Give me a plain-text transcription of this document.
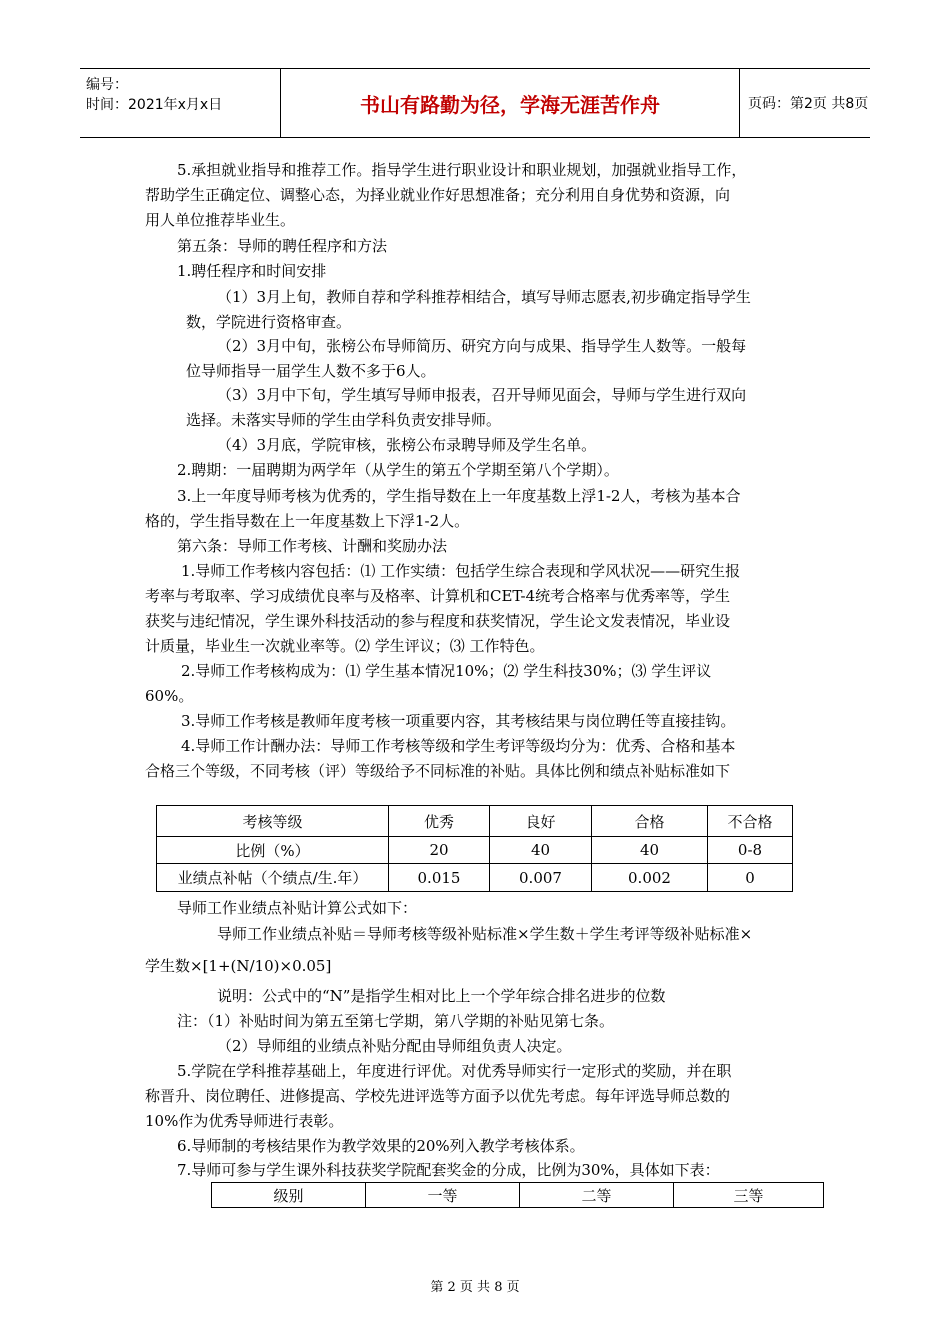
编号：
时间：2021年x月x日	书山有路勤为径，学海无涯苦作舟	页码：第2页 共8页
5.承担就业指导和推荐工作。指导学生进行职业设计和职业规划，加强就业指导工作，
帮助学生正确定位、调整心态，为择业就业作好思想准备；充分利用自身优势和资源，向
用人单位推荐毕业生。
第五条：导师的聘任程序和方法
1.聘任程序和时间安排
（1）3月上旬，教师自荐和学科推荐相结合，填写导师志愿表,初步确定指导学生
数，学院进行资格审查。
（2）3月中旬，张榜公布导师简历、研究方向与成果、指导学生人数等。一般每
位导师指导一届学生人数不多于6人。
（3）3月中下旬，学生填写导师申报表，召开导师见面会，导师与学生进行双向
选择。未落实导师的学生由学科负责安排导师。
（4）3月底，学院审核，张榜公布录聘导师及学生名单。
2.聘期：一届聘期为两学年（从学生的第五个学期至第八个学期）。
3.上一年度导师考核为优秀的，学生指导数在上一年度基数上浮1-2人，考核为基本合
格的，学生指导数在上一年度基数上下浮1-2人。
第六条：导师工作考核、计酬和奖励办法
1.导师工作考核内容包括：⑴ 工作实绩：包括学生综合表现和学风状况——研究生报
考率与考取率、学习成绩优良率与及格率、计算机和CET-4统考合格率与优秀率等，学生
获奖与违纪情况，学生课外科技活动的参与程度和获奖情况，学生论文发表情况，毕业设
计质量，毕业生一次就业率等。⑵ 学生评议；⑶ 工作特色。
2.导师工作考核构成为：⑴ 学生基本情况10%；⑵ 学生科技30%；⑶ 学生评议
60%。
3.导师工作考核是教师年度考核一项重要内容，其考核结果与岗位聘任等直接挂钩。
4.导师工作计酬办法：导师工作考核等级和学生考评等级均分为：优秀、合格和基本
合格三个等级，不同考核（评）等级给予不同标准的补贴。具体比例和绩点补贴标准如下
考核等级	优秀	良好	合格	不合格
比例（%）	20	40	40	0-8
业绩点补帖（个绩点/生.年）	0.015	0.007	0.002	0
导师工作业绩点补贴计算公式如下：
导师工作业绩点补贴＝导师考核等级补贴标准×学生数＋学生考评等级补贴标准×
学生数×[1+(N/10)×0.05]
说明：公式中的“N”是指学生相对比上一个学年综合排名进步的位数
注：（1）补贴时间为第五至第七学期，第八学期的补贴见第七条。
（2）导师组的业绩点补贴分配由导师组负责人决定。
5.学院在学科推荐基础上，年度进行评优。对优秀导师实行一定形式的奖励，并在职
称晋升、岗位聘任、进修提高、学校先进评选等方面予以优先考虑。每年评选导师总数的
10%作为优秀导师进行表彰。
6.导师制的考核结果作为教学效果的20%列入教学考核体系。
7.导师可参与学生课外科技获奖学院配套奖金的分成，比例为30%，具体如下表：
级别	一等	二等	三等
第 2 页 共 8 页
